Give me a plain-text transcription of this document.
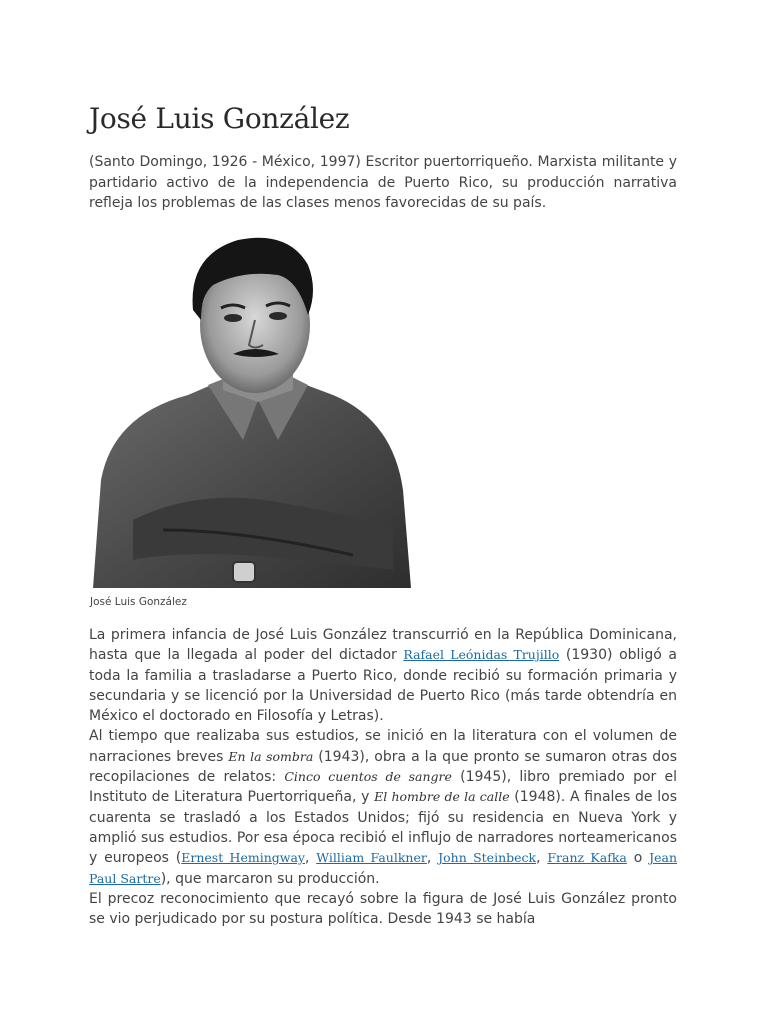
José Luis González

(Santo Domingo, 1926 - México, 1997) Escritor puertorriqueño. Marxista militante y partidario activo de la independencia de Puerto Rico, su producción narrativa refleja los problemas de las clases menos favorecidas de su país.

José Luis González

La primera infancia de José Luis González transcurrió en la República Dominicana, hasta que la llegada al poder del dictador Rafael Leónidas Trujillo (1930) obligó a toda la familia a trasladarse a Puerto Rico, donde recibió su formación primaria y secundaria y se licenció por la Universidad de Puerto Rico (más tarde obtendría en México el doctorado en Filosofía y Letras).

Al tiempo que realizaba sus estudios, se inició en la literatura con el volumen de narraciones breves En la sombra (1943), obra a la que pronto se sumaron otras dos recopilaciones de relatos: Cinco cuentos de sangre (1945), libro premiado por el Instituto de Literatura Puertorriqueña, y El hombre de la calle (1948). A finales de los cuarenta se trasladó a los Estados Unidos; fijó su residencia en Nueva York y amplió sus estudios. Por esa época recibió el influjo de narradores norteamericanos y europeos (Ernest Hemingway, William Faulkner, John Steinbeck, Franz Kafka o Jean Paul Sartre), que marcaron su producción.

El precoz reconocimiento que recayó sobre la figura de José Luis González pronto se vio perjudicado por su postura política. Desde 1943 se había
